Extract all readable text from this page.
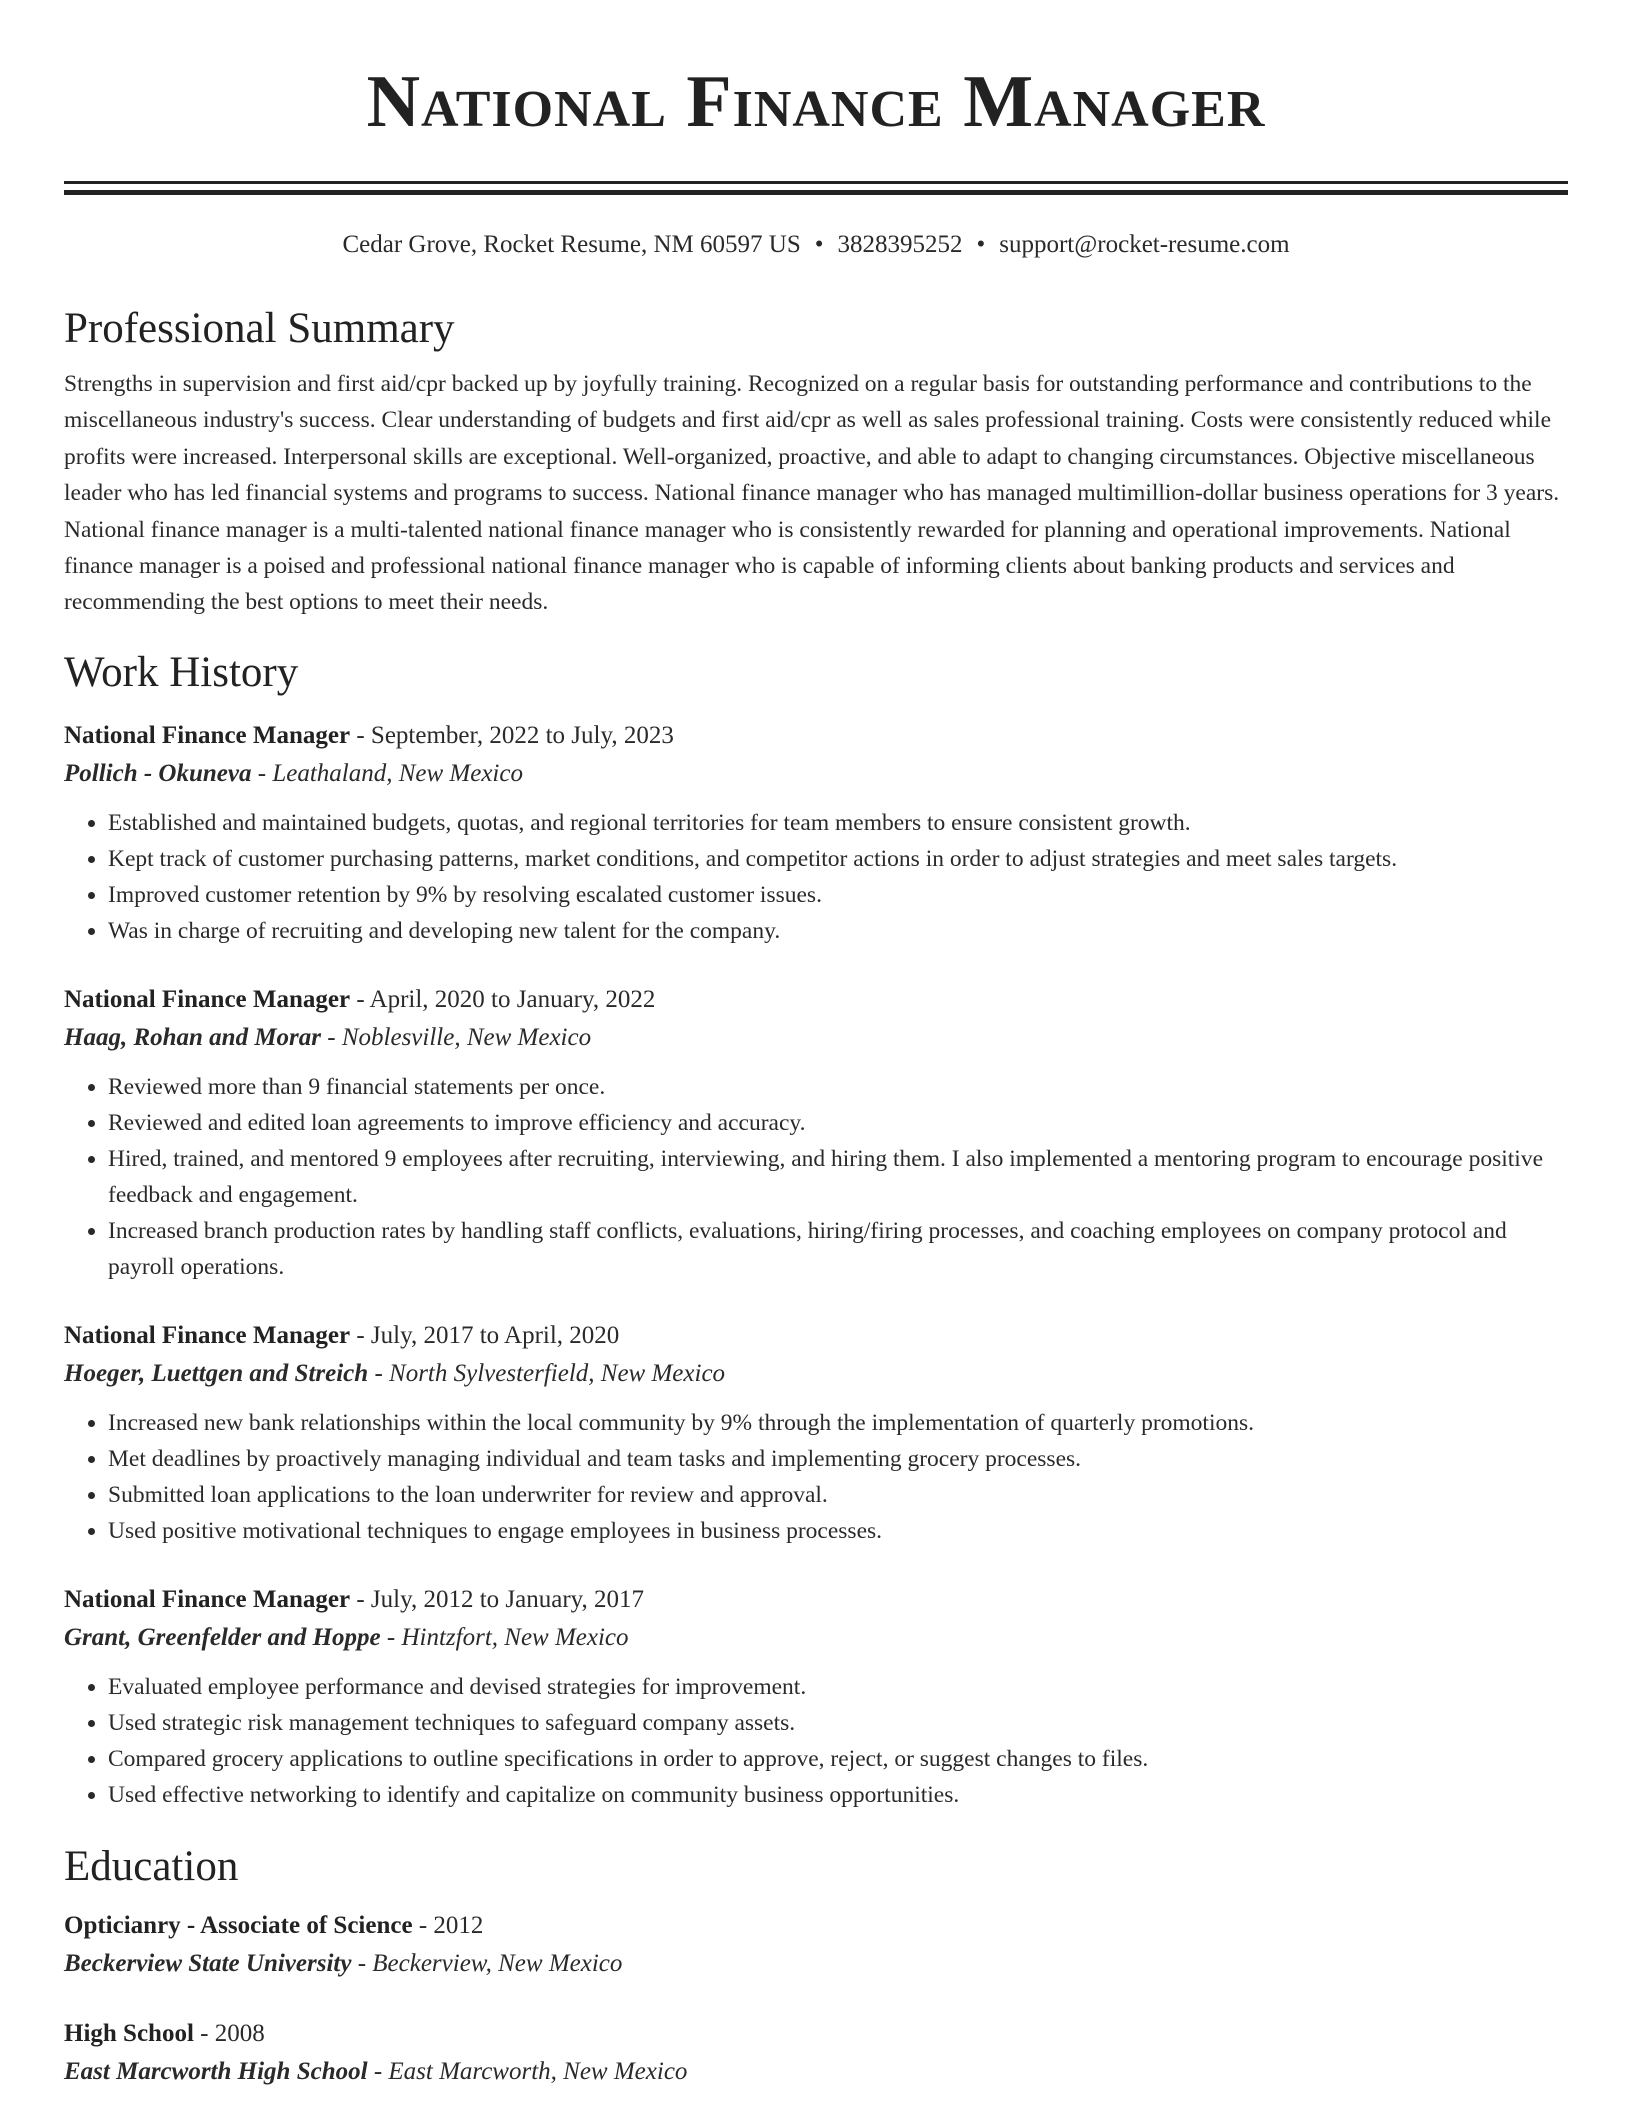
National Finance Manager
Cedar Grove, Rocket Resume, NM 60597 US • 3828395252 • support@rocket-resume.com
Professional Summary
Strengths in supervision and first aid/cpr backed up by joyfully training. Recognized on a regular basis for outstanding performance and contributions to the miscellaneous industry's success. Clear understanding of budgets and first aid/cpr as well as sales professional training. Costs were consistently reduced while profits were increased. Interpersonal skills are exceptional. Well-organized, proactive, and able to adapt to changing circumstances. Objective miscellaneous leader who has led financial systems and programs to success. National finance manager who has managed multimillion-dollar business operations for 3 years. National finance manager is a multi-talented national finance manager who is consistently rewarded for planning and operational improvements. National finance manager is a poised and professional national finance manager who is capable of informing clients about banking products and services and recommending the best options to meet their needs.
Work History
National Finance Manager - September, 2022 to July, 2023
Pollich - Okuneva - Leathaland, New Mexico
• Established and maintained budgets, quotas, and regional territories for team members to ensure consistent growth.
• Kept track of customer purchasing patterns, market conditions, and competitor actions in order to adjust strategies and meet sales targets.
• Improved customer retention by 9% by resolving escalated customer issues.
• Was in charge of recruiting and developing new talent for the company.
National Finance Manager - April, 2020 to January, 2022
Haag, Rohan and Morar - Noblesville, New Mexico
• Reviewed more than 9 financial statements per once.
• Reviewed and edited loan agreements to improve efficiency and accuracy.
• Hired, trained, and mentored 9 employees after recruiting, interviewing, and hiring them. I also implemented a mentoring program to encourage positive feedback and engagement.
• Increased branch production rates by handling staff conflicts, evaluations, hiring/firing processes, and coaching employees on company protocol and payroll operations.
National Finance Manager - July, 2017 to April, 2020
Hoeger, Luettgen and Streich - North Sylvesterfield, New Mexico
• Increased new bank relationships within the local community by 9% through the implementation of quarterly promotions.
• Met deadlines by proactively managing individual and team tasks and implementing grocery processes.
• Submitted loan applications to the loan underwriter for review and approval.
• Used positive motivational techniques to engage employees in business processes.
National Finance Manager - July, 2012 to January, 2017
Grant, Greenfelder and Hoppe - Hintzfort, New Mexico
• Evaluated employee performance and devised strategies for improvement.
• Used strategic risk management techniques to safeguard company assets.
• Compared grocery applications to outline specifications in order to approve, reject, or suggest changes to files.
• Used effective networking to identify and capitalize on community business opportunities.
Education
Opticianry - Associate of Science - 2012
Beckerview State University - Beckerview, New Mexico
High School - 2008
East Marcworth High School - East Marcworth, New Mexico
